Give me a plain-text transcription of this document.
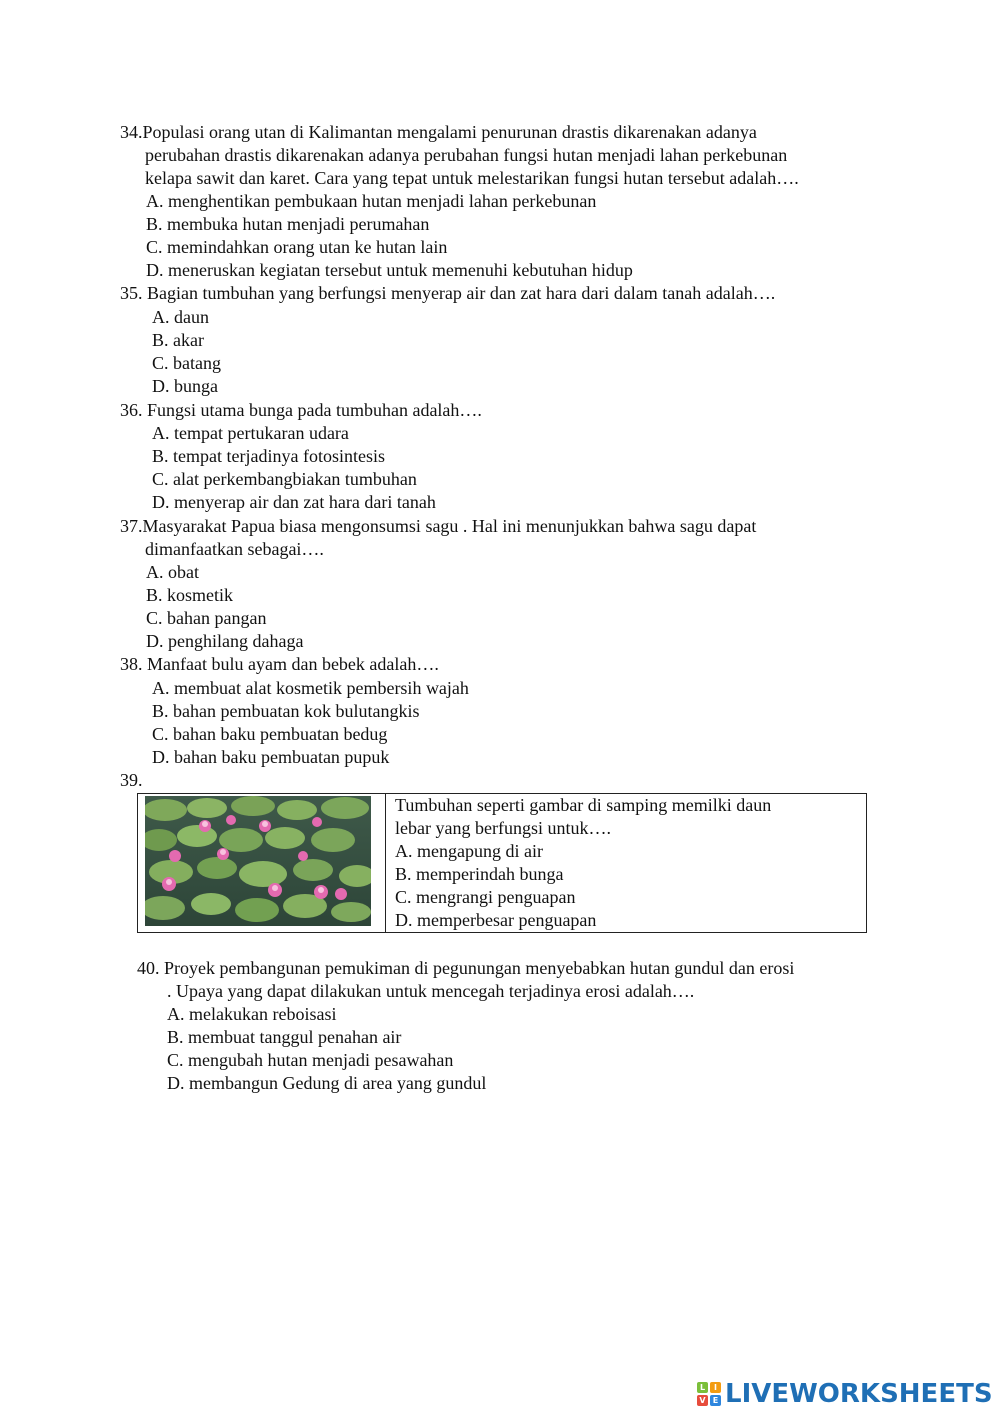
34.Populasi orang utan di Kalimantan mengalami penurunan drastis dikarenakan adanya
perubahan drastis dikarenakan adanya perubahan fungsi hutan menjadi lahan perkebunan
kelapa sawit dan karet. Cara yang tepat untuk melestarikan fungsi hutan tersebut adalah….
A. menghentikan pembukaan hutan menjadi lahan perkebunan
B. membuka hutan menjadi perumahan
C. memindahkan orang utan ke hutan lain
D. meneruskan kegiatan tersebut untuk memenuhi kebutuhan hidup
35. Bagian tumbuhan yang berfungsi menyerap air dan zat hara dari dalam tanah adalah….
A. daun
B. akar
C. batang
D. bunga
36. Fungsi utama bunga pada tumbuhan adalah….
A. tempat pertukaran udara
B. tempat terjadinya fotosintesis
C. alat perkembangbiakan tumbuhan
D. menyerap air dan zat hara dari tanah
37.Masyarakat Papua biasa mengonsumsi sagu . Hal ini menunjukkan bahwa sagu dapat
dimanfaatkan sebagai….
A. obat
B. kosmetik
C. bahan pangan
D. penghilang dahaga
38. Manfaat bulu ayam dan bebek adalah….
A. membuat alat kosmetik pembersih wajah
B. bahan pembuatan kok bulutangkis
C. bahan baku pembuatan bedug
D. bahan baku pembuatan pupuk
39.
Tumbuhan seperti gambar di samping memilki daun
lebar yang berfungsi untuk….
A. mengapung di air
B. memperindah bunga
C. mengrangi penguapan
D. memperbesar penguapan
40. Proyek pembangunan pemukiman di pegunungan menyebabkan hutan gundul dan erosi
. Upaya yang dapat dilakukan untuk mencegah terjadinya erosi adalah….
A. melakukan reboisasi
B. membuat tanggul penahan air
C. mengubah hutan menjadi pesawahan
D. membangun Gedung di area yang gundul
L	I
V E LIVEWORKSHEETS
